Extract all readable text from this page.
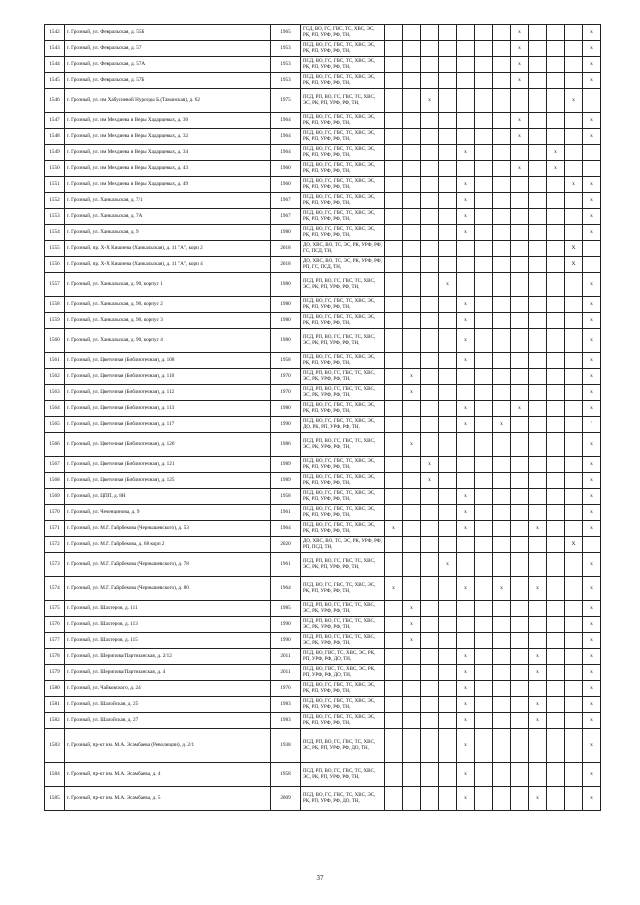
1542	г. Грозный, ул. Февральская, д. 55Б	1965	ГСД, ВО, ГС, ГВС, ТС, ХВС, ЭС, РК, РП, УРФ, РФ, ТН,								x				x
1543	г. Грозный, ул. Февральская, д. 57	1953	ПСД, ВО, ГС, ГВС, ТС, ХВС, ЭС, РК, РП, УРФ, РФ, ТН,								x				x
1544	г. Грозный, ул. Февральская, д. 57А	1953	ПСД, ВО, ГС, ГВС, ТС, ХВС, ЭС, РК, РП, УРФ, РФ, ТН,								x				x
1545	г. Грозный, ул. Февральская, д. 57Б	1953	ПСД, ВО, ГС, ГВС, ТС, ХВС, ЭС, РК, РП, УРФ, РФ, ТН,								x				x
1546	г. Грозный, ул. им Хабусиевой Нурседы Б.(Таманская), д. 62	1975	ПСД, РП, ВО, ГС, ГВС, ТС, ХВС, ЭС, РК, РП, УРФ, РФ, ТН,			x								x	
1547	г. Грозный, ул. им Мехдиева и Веры Хадарцевых, д. 30	1964	ПСД, ВО, ГС, ГВС, ТС, ХВС, ЭС, РК, РП, УРФ, РФ, ТН,								x				x
1548	г. Грозный, ул. им Мехдиева и Веры Хадарцевых, д. 32	1964	ПСД, ВО, ГС, ГВС, ТС, ХВС, ЭС, РК, РП, УРФ, РФ, ТН,								x				x
1549	г. Грозный, ул. им Мехдиева и Веры Хадарцевых, д. 34	1964	ПСД, ВО, ГС, ГВС, ТС, ХВС, ЭС, РК, РП, УРФ, РФ, ТН,					x					x		
1550	г. Грозный, ул. им Мехдиева и Веры Хадарцевых, д. 43	1960	ПСД, ВО, ГС, ГВС, ТС, ХВС, ЭС, РК, РП, УРФ, РФ, ТН,								x		x		
1551	г. Грозный, ул. им Мехдиева и Веры Хадарцевых, д. 49	1960	ПСД, ВО, ГС, ГВС, ТС, ХВС, ЭС, РК, РП, УРФ, РФ, ТН,					x						x	x
1552	г. Грозный, ул. Ханкальская, д. 7/1	1967	ПСД, ВО, ГС, ГВС, ТС, ХВС, ЭС, РК, РП, УРФ, РФ, ТН,					x							x
1553	г. Грозный, ул. Ханкальская, д. 7А	1967	ПСД, ВО, ГС, ГВС, ТС, ХВС, ЭС, РК, РП, УРФ, РФ, ТН,					x							x
1554	г. Грозный, ул. Ханкальская, д. 9	1980	ПСД, ВО, ГС, ГВС, ТС, ХВС, ЭС, РК, РП, УРФ, РФ, ТН,					x							x
1555	г. Грозный, пр. Х-Х Кишиева (Ханкальская), д. 11 "А", корп 2	2018	ДО, ХВС, ВО, ТС, ЭС, РК, УРФ, РФ, ГС, ПСД, ТН,											X	
1556	г. Грозный, пр. Х-Х Кишиева (Ханкальская), д. 11 "А", корп 4	2018	ДО, ХВС, ВО, ТС, ЭС, РК, УРФ, РФ, РП, ГС, ПСД, ТН,											X	
1557	г. Грозный, ул. Ханкальская, д. 90, корпус 1	1980	ПСД, РП, ВО, ГС, ГВС, ТС, ХВС, ЭС, РК, РП, УРФ, РФ, ТН,				x								x
1558	г. Грозный, ул. Ханкальская, д. 90, корпус 2	1980	ПСД, ВО, ГС, ГВС, ТС, ХВС, ЭС, РК, РП, УРФ, РФ, ТН,					x							x
1559	г. Грозный, ул. Ханкальская, д. 90, корпус 3	1980	ПСД, ВО, ГС, ГВС, ТС, ХВС, ЭС, РК, РП, УРФ, РФ, ТН,					x							x
1560	г. Грозный, ул. Ханкальская, д. 90, корпус 4	1980	ПСД, РП, ВО, ГС, ГВС, ТС, ХВС, ЭС, РК, РП, УРФ, РФ, ТН,					x							x
1561	г. Грозный, ул. Цветочная (Библиотечная), д. 108	1958	ПСД, ВО, ГС, ГВС, ТС, ХВС, ЭС, РК, РП, УРФ, РФ, ТН,					x							x
1562	г. Грозный, ул. Цветочная (Библиотечная), д. 110	1970	ПСД, РП, ВО, ГС, ГВС, ТС, ХВС, ЭС, РК, УРФ, РФ, ТН,		x										x
1563	г. Грозный, ул. Цветочная (Библиотечная), д. 112	1970	ПСД, РП, ВО, ГС, ГВС, ТС, ХВС, ЭС, РК, УРФ, РФ, ТН,		x										x
1564	г. Грозный, ул. Цветочная (Библиотечная), д. 113	1980	ПСД, ВО, ГС, ГВС, ТС, ХВС, ЭС, РК, РП, УРФ, РФ, ТН,					x			x				x
1565	г. Грозный, ул. Цветочная (Библиотечная), д. 117	1990	ПСД, ВО, ГС, ГВС, ТС, ХВС, ЭС, ДО, РК, РП, УРФ, РФ, ТН,					x		x					'
1566	г. Грозный, ул. Цветочная (Библиотечная), д. 120	1986	ПСД, РП, ВО, ГС, ГВС, ТС, ХВС, ЭС, РК, УРФ, РФ, ТН,		x										x
1567	г. Грозный, ул. Цветочная (Библиотечная), д. 121	1989	ПСД, ВО, ГС, ГВС, ТС, ХВС, ЭС, РК, РП, УРФ, РФ, ТН,			x									x
1568	г. Грозный, ул. Цветочная (Библиотечная), д. 125	1989	ПСД, ВО, ГС, ГВС, ТС, ХВС, ЭС, РК, РП, УРФ, РФ, ТН,			x									x
1569	г. Грозный, ул. ЦПП, д. 8Н	1958	ПСД, ВО, ГС, ГВС, ТС, ХВС, ЭС, РК, РП, УРФ, РФ, ТН,					x							x
1570	г. Грозный, ул. Чеченцинова, д. 9	1961	ПСД, ВО, ГС, ГВС, ТС, ХВС, ЭС, РК, РП, УРФ, РФ, ТН,					x							x
1571	г. Грозный, ул. М.Г. Гайрбекова (Чернышевского), д. 53	1964	ПСД, ВО, ГС, ГВС, ТС, ХВС, ЭС, РК, РП, УРФ, РФ, ТН,	x				x				x			x
1572	г. Грозный, ул. М.Г. Гайрбекова, д. 68 корп 2	2020	ДО, ХВС, ВО, ТС, ЭС, РК, УРФ, РФ, РП, ПСД, ТН,											X	
1573	г. Грозный, ул. М.Г. Гайрбекова (Чернышевского), д. 78	1961	ПСД, РП, ВО, ГС, ГВС, ТС, ХВС, ЭС, РК, РП, УРФ, РФ, ТН,				x								x
1574	г. Грозный, ул. М.Г. Гайрбекова (Чернышевского), д. 80	1964	ПСД, ВО, ГС, ГВС, ТС, ХВС, ЭС, РК, РП, УРФ, РФ, ТН,	x				x		x		x			x
1575	г. Грозный, ул. Шахтеров, д. 111	1985	ПСД, РП, ВО, ГС, ГВС, ТС, ХВС, ЭС, РК, УРФ, РФ, ТН,		x										x
1576	г. Грозный, ул. Шахтеров, д. 113	1990	ПСД, РП, ВО, ГС, ГВС, ТС, ХВС, ЭС, РК, УРФ, РФ, ТН,		x										x
1577	г. Грозный, ул. Шахтеров, д. 115	1990	ПСД, РП, ВО, ГС, ГВС, ТС, ХВС, ЭС, РК, УРФ, РФ, ТН,		x										x
1578	г. Грозный, ул. Шерипова/Партизанская, д. 2/12	2011	ПСД, ВО, ГВС, ТС, ХВС, ЭС, РК, РП, УРФ, РФ, ДО, ТН,					x				x			x
1579	г. Грозный, ул. Шерипова/Партизанская, д. 4	2011	ПСД, ВО, ГВС, ТС, ХВС, ЭС, РК, РП, УРФ, РФ, ДО, ТН,					x				x			x
1580	г. Грозный, ул. Чайковского, д. 24	1976	ПСД, ВО, ГС, ГВС, ТС, ХВС, ЭС, РК, РП, УРФ, РФ, ТН,					x							x
1581	г. Грозный, ул. Шалойская, д. 25	1983	ПСД, ВО, ГС, ГВС, ТС, ХВС, ЭС, РК, РП, УРФ, РФ, ТН,					x				x			x
1582	г. Грозный, ул. Шалойская, д. 27	1983	ПСД, ВО, ГС, ГВС, ТС, ХВС, ЭС, РК, РП, УРФ, РФ, ТН,					x				x			x
1583	г. Грозный, пр-кт им. М.А. Эсамбаева (Революции), д. 2/1	1938	ПСД, РП, ВО, ГС, ГВС, ТС, ХВС, ЭС, РК, РП, УРФ, РФ, ДО, ТН,					x							x
1584	г. Грозный, пр-кт им. М.А. Эсамбаева, д. 4	1958	ПСД, РП, ВО, ГС, ГВС, ТС, ХВС, ЭС, РК, РП, УРФ, РФ, ТН,					x							x
1585	г. Грозный, пр-кт им. М.А. Эсамбаева, д. 5	2009	ПСД, ВО, ГС, ГВС, ТС, ХВС, ЭС, РК, РП, УРФ, РФ, ДО, ТН,					x				x			x
37
